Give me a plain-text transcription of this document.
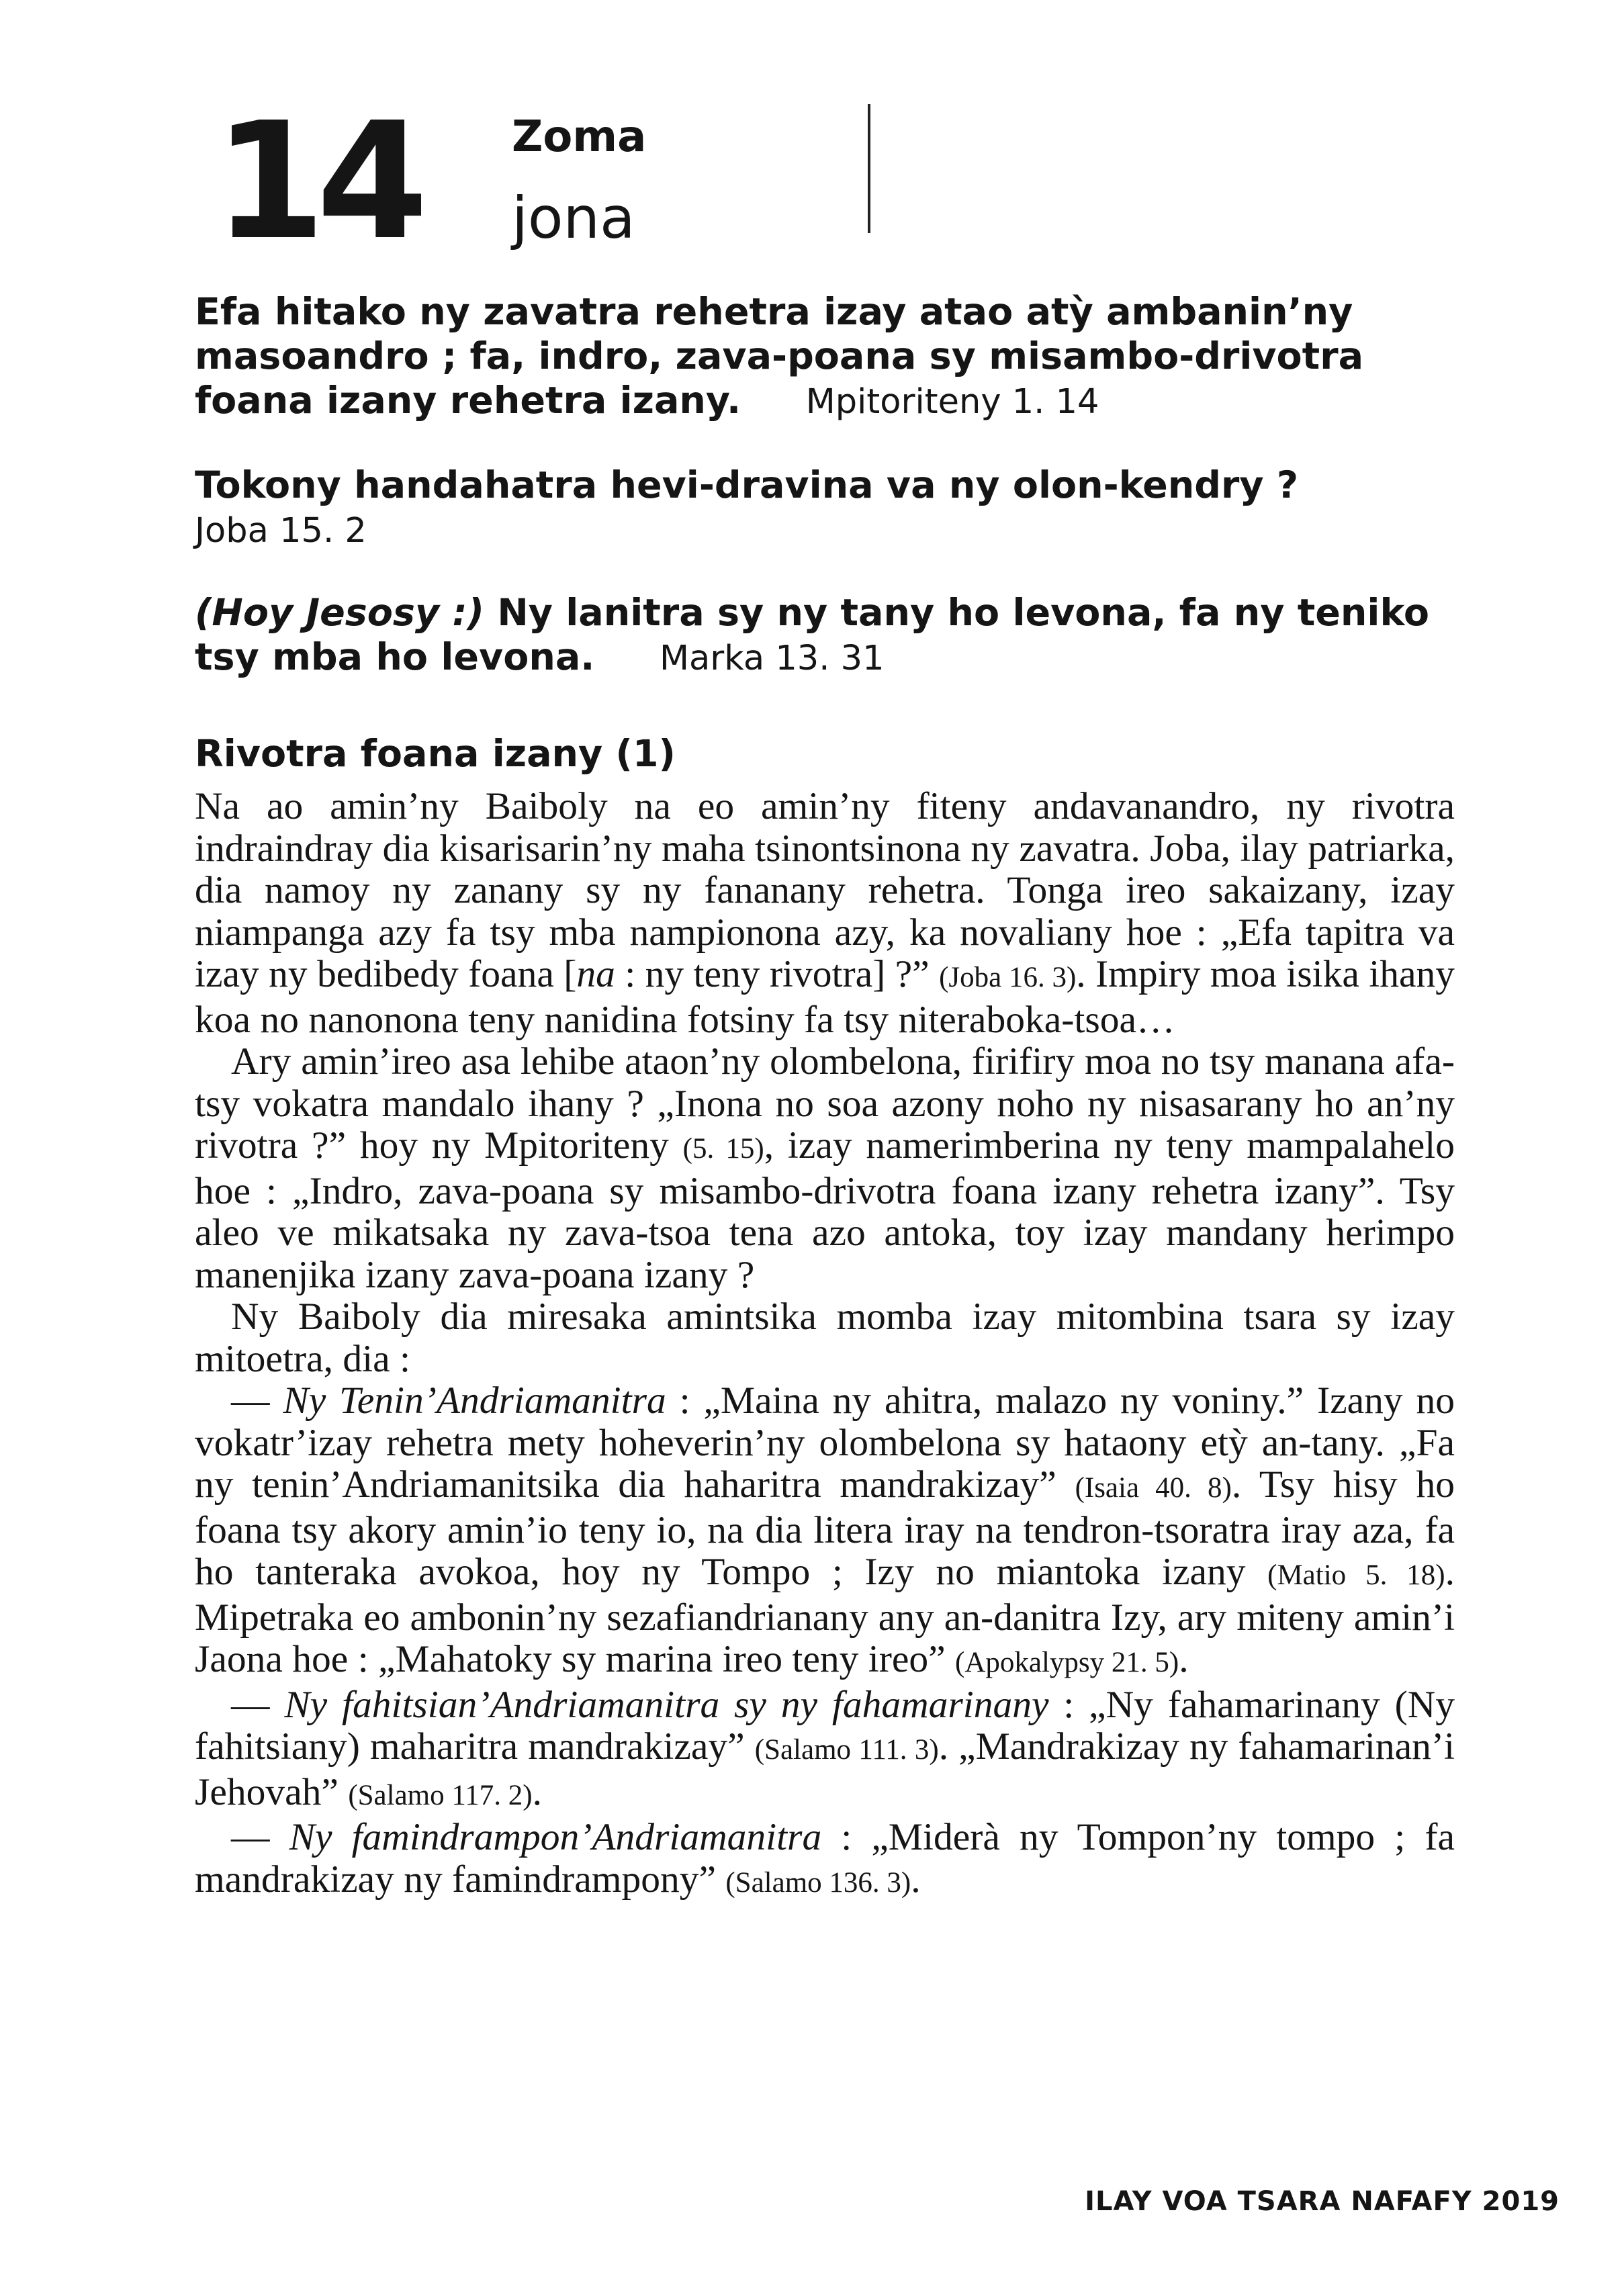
14 Zoma
jona
Efa hitako ny zavatra rehetra izay atao atỳ ambanin’ny masoandro ; fa, indro, zava-poana sy misambo-drivotra foana izany rehetra izany. Mpitoriteny 1. 14
Tokony handahatra hevi-dravina va ny olon-kendry ?
Joba 15. 2
(Hoy Jesosy :) Ny lanitra sy ny tany ho levona, fa ny teniko tsy mba ho levona. Marka 13. 31
Rivotra foana izany (1)

Na ao amin’ny Baiboly na eo amin’ny fiteny andavanandro, ny rivotra indraindray dia kisarisarin’ny maha tsinontsinona ny zavatra. Joba, ilay patriarka, dia namoy ny zanany sy ny fananany rehetra. Tonga ireo sakaizany, izay niampanga azy fa tsy mba nampionona azy, ka novaliany hoe : „Efa tapitra va izay ny bedibedy foana [na : ny teny rivotra] ?” (Joba 16. 3). Impiry moa isika ihany koa no nanonona teny nanidina fotsiny fa tsy niteraboka-tsoa…

Ary amin’ireo asa lehibe ataon’ny olombelona, firifiry moa no tsy manana afa-tsy vokatra mandalo ihany ? „Inona no soa azony noho ny nisasarany ho an’ny rivotra ?” hoy ny Mpitoriteny (5. 15), izay namerimberina ny teny mampalahelo hoe : „Indro, zava-poana sy misambo-drivotra foana izany rehetra izany”. Tsy aleo ve mikatsaka ny zava-tsoa tena azo antoka, toy izay mandany herimpo manenjika izany zava-poana izany ?

Ny Baiboly dia miresaka amintsika momba izay mitombina tsara sy izay mitoetra, dia :

— Ny Tenin’Andriamanitra : „Maina ny ahitra, malazo ny voniny.” Izany no vokatr’izay rehetra mety hoheverin’ny olombelona sy hataony etỳ an-tany. „Fa ny tenin’Andriamanitsika dia haharitra mandrakizay” (Isaia 40. 8). Tsy hisy ho foana tsy akory amin’io teny io, na dia litera iray na tendron-tsoratra iray aza, fa ho tanteraka avokoa, hoy ny Tompo ; Izy no miantoka izany (Matio 5. 18). Mipetraka eo ambonin’ny sezafiandrianany any an-danitra Izy, ary miteny amin’i Jaona hoe : „Mahatoky sy marina ireo teny ireo” (Apokalypsy 21. 5).

— Ny fahitsian’Andriamanitra sy ny fahamarinany : „Ny fahamarinany (Ny fahitsiany) maharitra mandrakizay” (Salamo 111. 3). „Mandrakizay ny fahamarinan’i Jehovah” (Salamo 117. 2).

— Ny famindrampon’Andriamanitra : „Miderà ny Tompon’ny tompo ; fa mandrakizay ny famindrampony” (Salamo 136. 3).

ILAY VOA TSARA NAFAFY 2019
